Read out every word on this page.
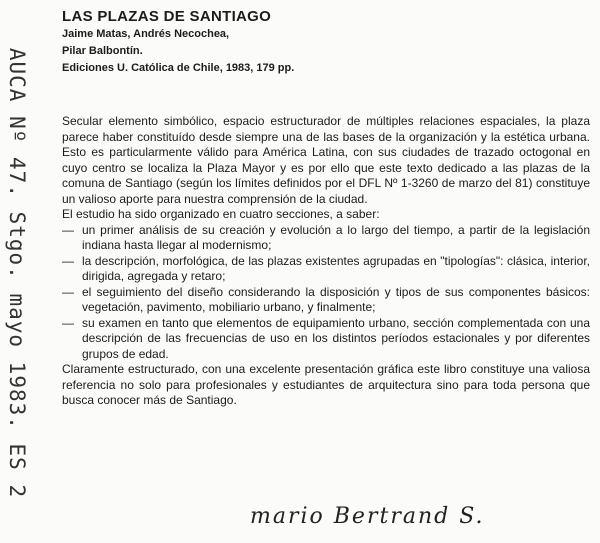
AUCA Nº 47. Stgo. mayo 1983. ES 2
LAS PLAZAS DE SANTIAGO
Jaime Matas, Andrés Necochea,
Pilar Balbontín.
Ediciones U. Católica de Chile, 1983, 179 pp.

Secular elemento simbólico, espacio estructurador de múltiples relaciones espaciales, la plaza parece haber constituído desde siempre una de las bases de la organización y la estética urbana. Esto es particularmente válido para América Latina, con sus ciudades de trazado octogonal en cuyo centro se localiza la Plaza Mayor y es por ello que este texto dedicado a las plazas de la comuna de Santiago (según los límites definidos por el DFL Nº 1-3260 de marzo del 81) constituye un valioso aporte para nuestra comprensión de la ciudad.

El estudio ha sido organizado en cuatro secciones, a saber:

— un primer análisis de su creación y evolución a lo largo del tiempo, a partir de la legislación indiana hasta llegar al modernismo;
— la descripción, morfológica, de las plazas existentes agrupadas en "tipologías": clásica, interior, dirigida, agregada y retaro;
— el seguimiento del diseño considerando la disposición y tipos de sus componentes básicos: vegetación, pavimento, mobiliario urbano, y finalmente;
— su examen en tanto que elementos de equipamiento urbano, sección complementada con una descripción de las frecuencias de uso en los distintos períodos estacionales y por diferentes grupos de edad.

Claramente estructurado, con una excelente presentación gráfica este libro constituye una valiosa referencia no solo para profesionales y estudiantes de arquitectura sino para toda persona que busca conocer más de Santiago.

mario Bertrand S.
